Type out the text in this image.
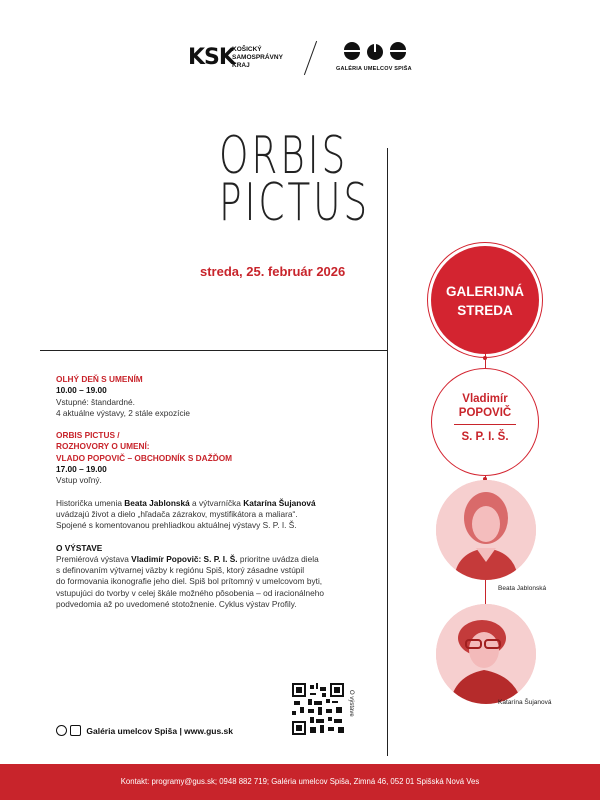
KSK
KOŠICKÝ
SAMOSPRÁVNY
KRAJ	GALÉRIA UMELCOV SPIŠA
ORBIS
PICTUS
streda, 25. február 2026

OLHÝ DEŇ S UMENÍM

10.00 – 19.00

Vstupné: štandardné.

4 aktuálne výstavy, 2 stále expozície

ORBIS PICTUS /

ROZHOVORY O UMENÍ:

VLADO POPOVIČ – OBCHODNÍK S DAŽĎOM

17.00 – 19.00

Vstup voľný.

Historička umenia Beata Jablonská a výtvarníčka Katarína Šujanová

uvádzajú život a dielo „hľadača zázrakov, mystifikátora a maliara“.

Spojené s komentovanou prehliadkou aktuálnej výstavy S. P. I. Š.

O VÝSTAVE

Premiérová výstava Vladimír Popovič: S. P. I. Š. prioritne uvádza diela

s definovaním výtvarnej väzby k regiónu Spiš, ktorý zásadne vstúpil

do formovania ikonografie jeho diel. Spiš bol prítomný v umelcovom byti,

vstupujúci do tvorby v celej škále možného pôsobenia – od iracionálneho

podvedomia až po uvedomené stotožnenie. Cyklus výstav Profily.

Galéria umelcov Spiša | www.gus.sk
O výstave
GALERIJNÁ
STREDA
Vladimír
POPOVIČ
S. P. I. Š.
Beata Jablonská
Katarína Šujanová
Kontakt: programy@gus.sk; 0948 882 719; Galéria umelcov Spiša, Zimná 46, 052 01 Spišská Nová Ves
